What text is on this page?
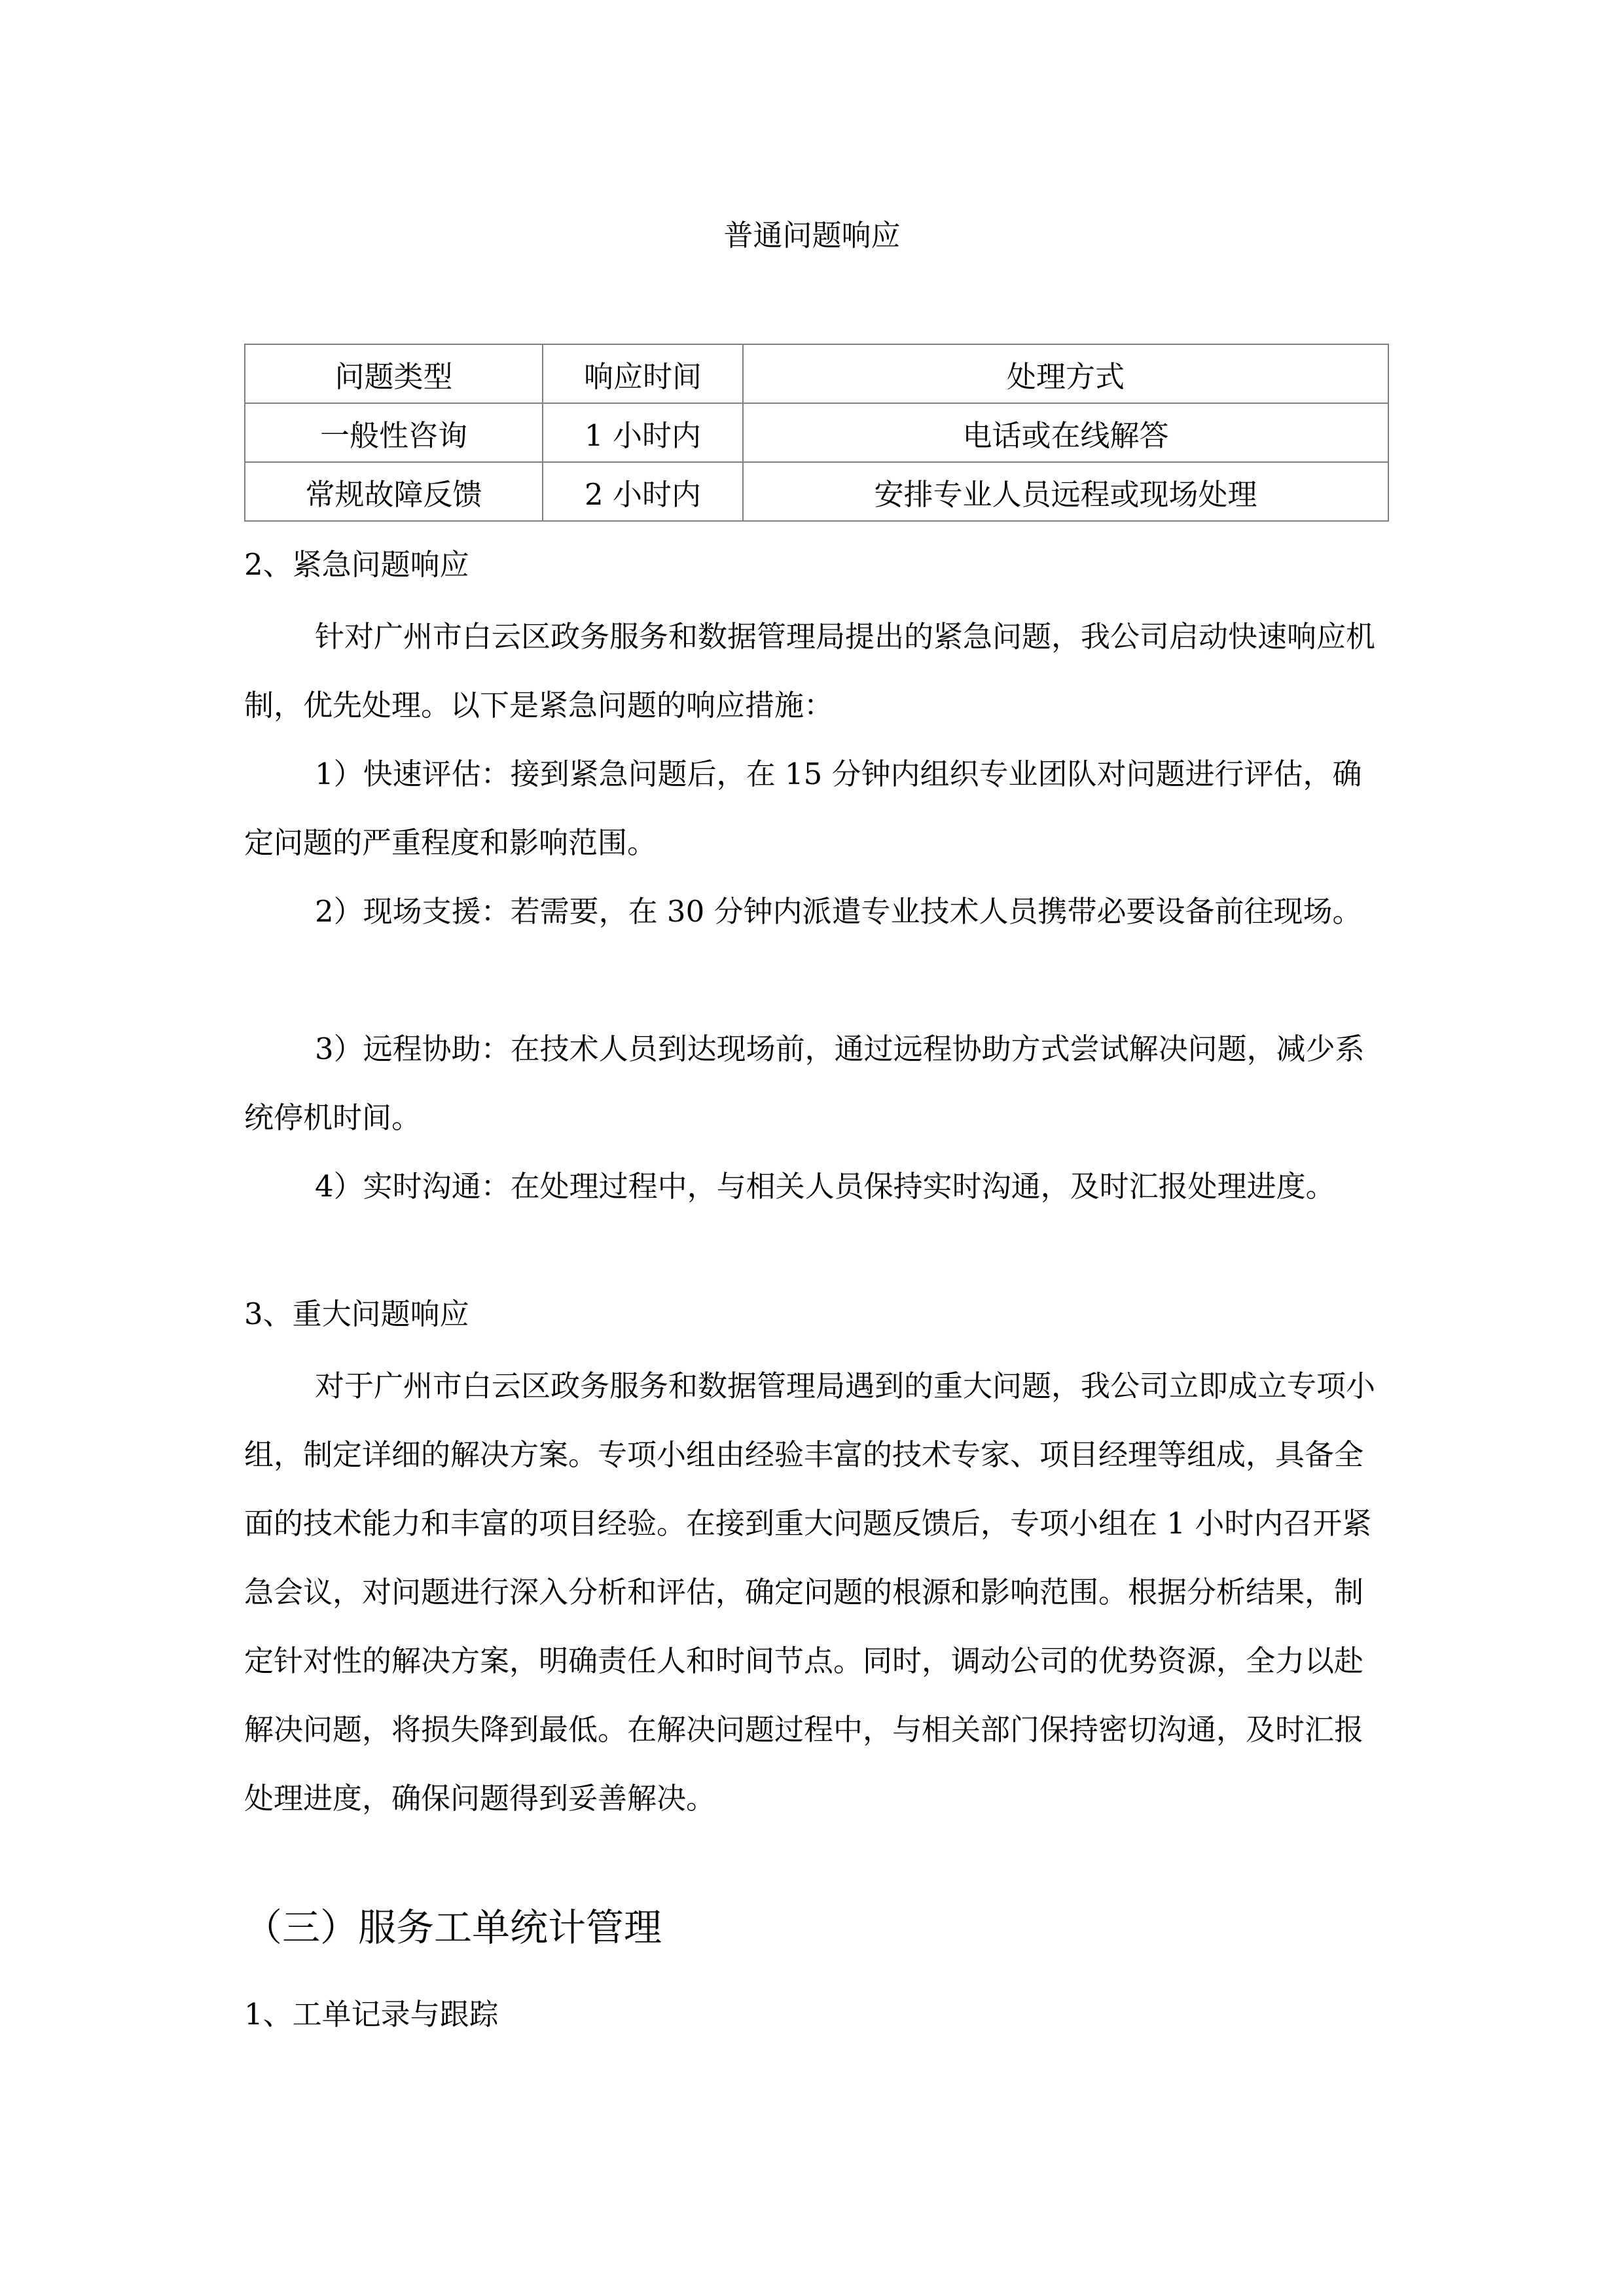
普通问题响应
问题类型	响应时间	处理方式
一般性咨询	1 小时内	电话或在线解答
常规故障反馈	2 小时内	安排专业人员远程或现场处理
2、紧急问题响应
针对广州市白云区政务服务和数据管理局提出的紧急问题，我公司启动快速响应机制，优先处理。以下是紧急问题的响应措施：
1）快速评估：接到紧急问题后，在 15 分钟内组织专业团队对问题进行评估，确定问题的严重程度和影响范围。
2）现场支援：若需要，在 30 分钟内派遣专业技术人员携带必要设备前往现场。
3）远程协助：在技术人员到达现场前，通过远程协助方式尝试解决问题，减少系统停机时间。
4）实时沟通：在处理过程中，与相关人员保持实时沟通，及时汇报处理进度。
3、重大问题响应
对于广州市白云区政务服务和数据管理局遇到的重大问题，我公司立即成立专项小组，制定详细的解决方案。专项小组由经验丰富的技术专家、项目经理等组成，具备全面的技术能力和丰富的项目经验。在接到重大问题反馈后，专项小组在 1 小时内召开紧急会议，对问题进行深入分析和评估，确定问题的根源和影响范围。根据分析结果，制定针对性的解决方案，明确责任人和时间节点。同时，调动公司的优势资源，全力以赴解决问题，将损失降到最低。在解决问题过程中，与相关部门保持密切沟通，及时汇报处理进度，确保问题得到妥善解决。
（三）服务工单统计管理
1、工单记录与跟踪
